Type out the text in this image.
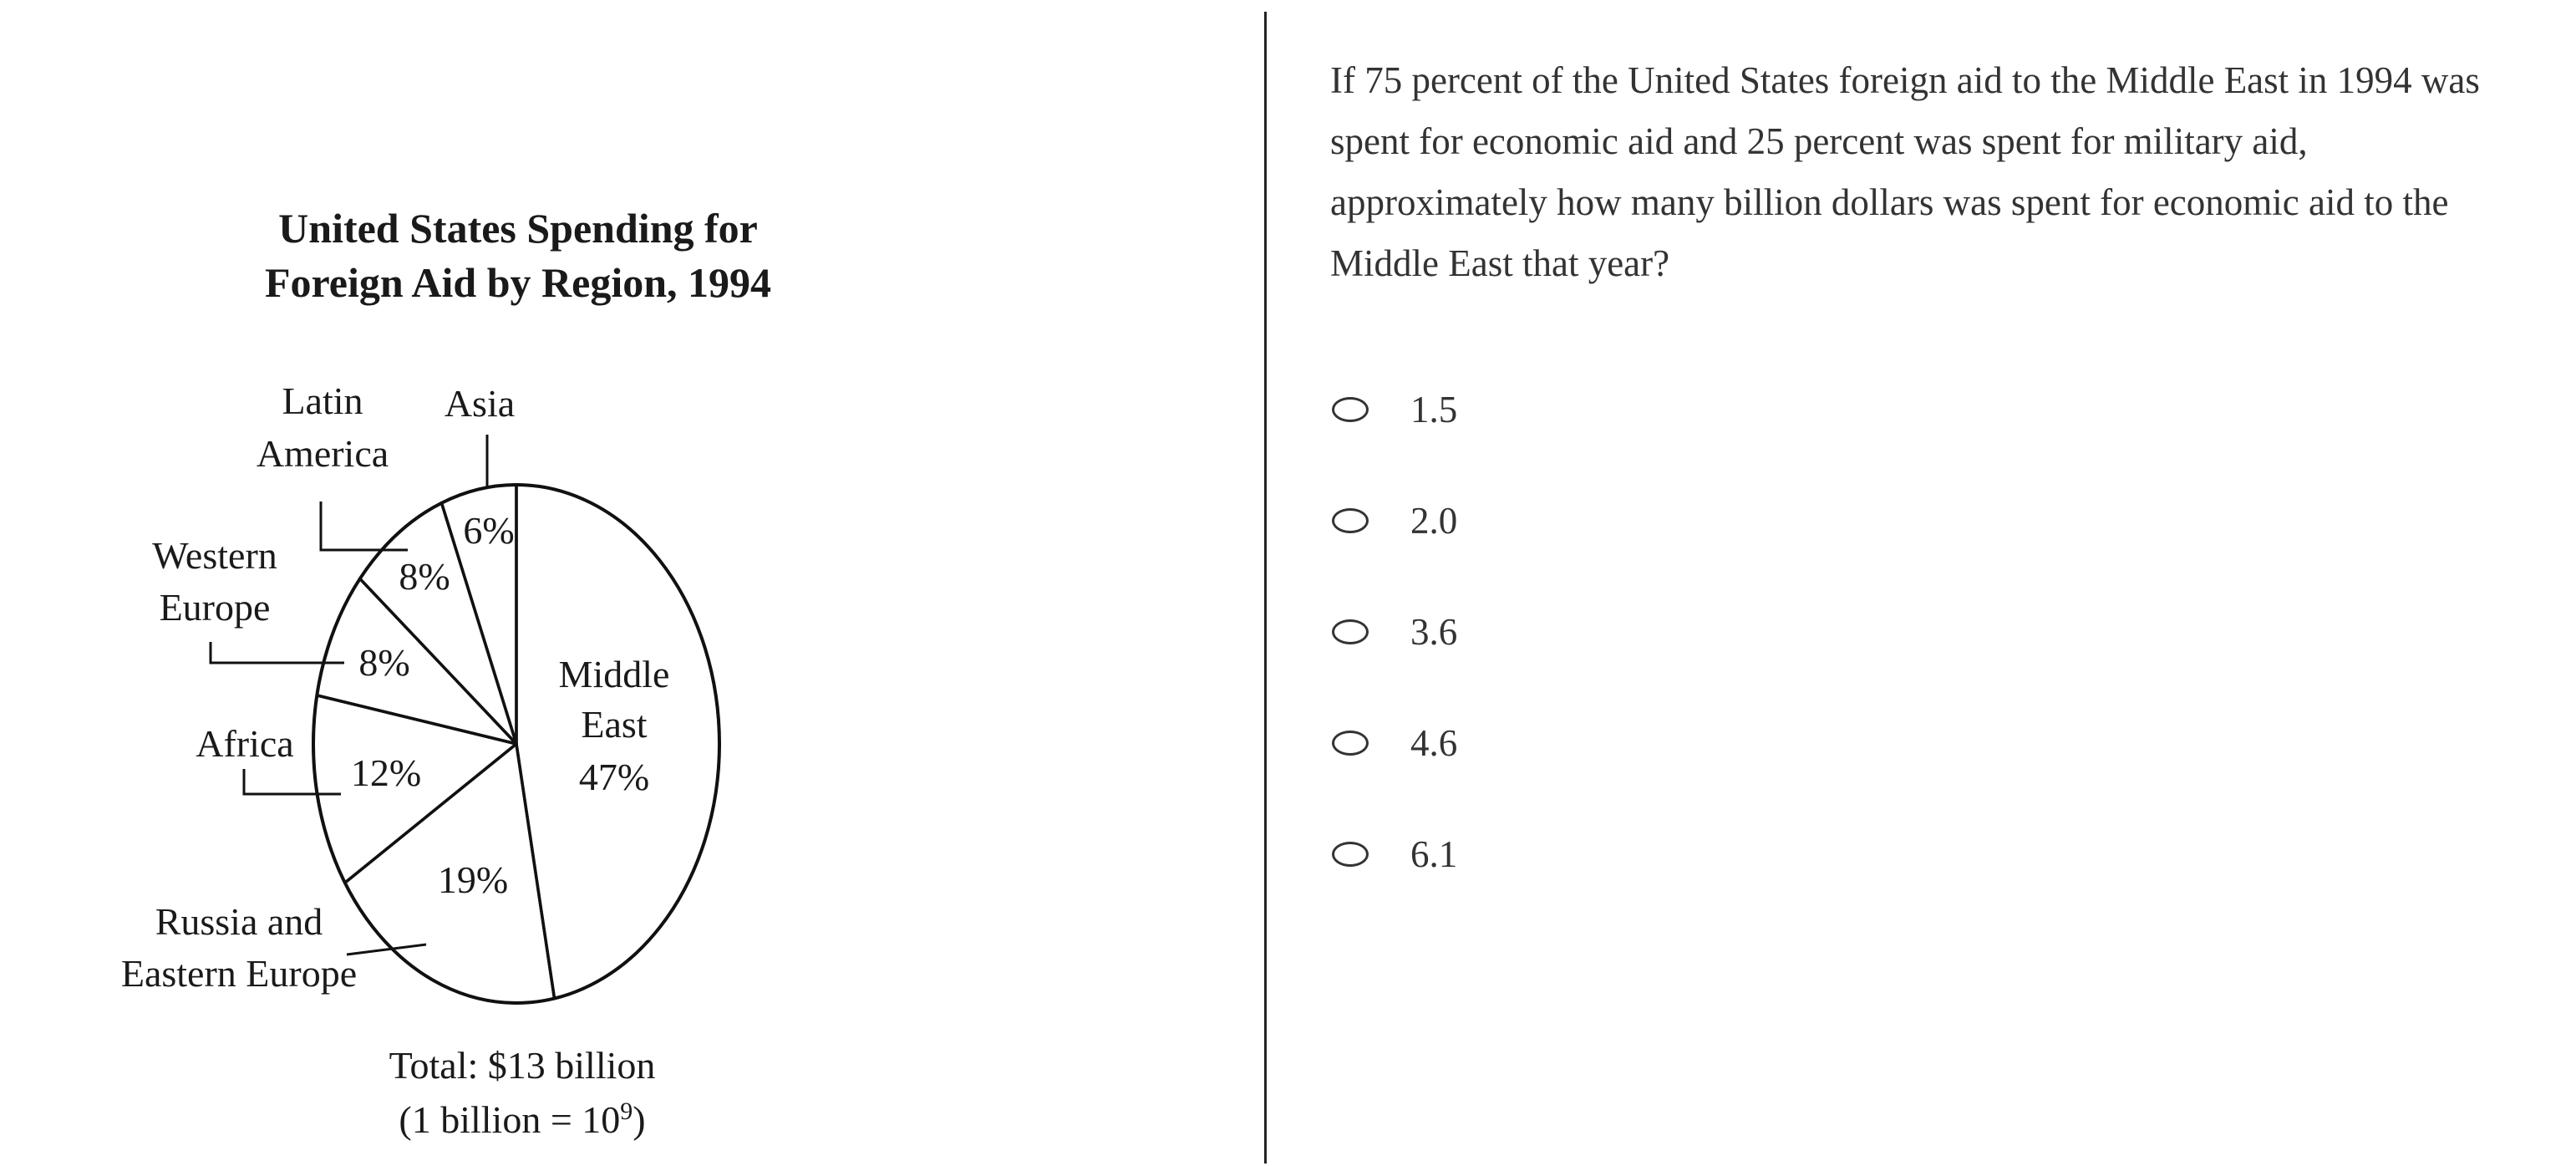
United States Spending for
Foreign Aid by Region, 1994
Latin
America
Asia
Western
Europe
Africa
Russia and
Eastern Europe
Middle
East
47%
6%
8%
8%
12%
19%
Total: $13 billion
(1 billion = $10^9$)

If 75 percent of the United States foreign aid to the Middle East in 1994 was spent for economic aid and 25 percent was spent for military aid, approximately how many billion dollars was spent for economic aid to the Middle East that year?

1.5
2.0
3.6
4.6
6.1
